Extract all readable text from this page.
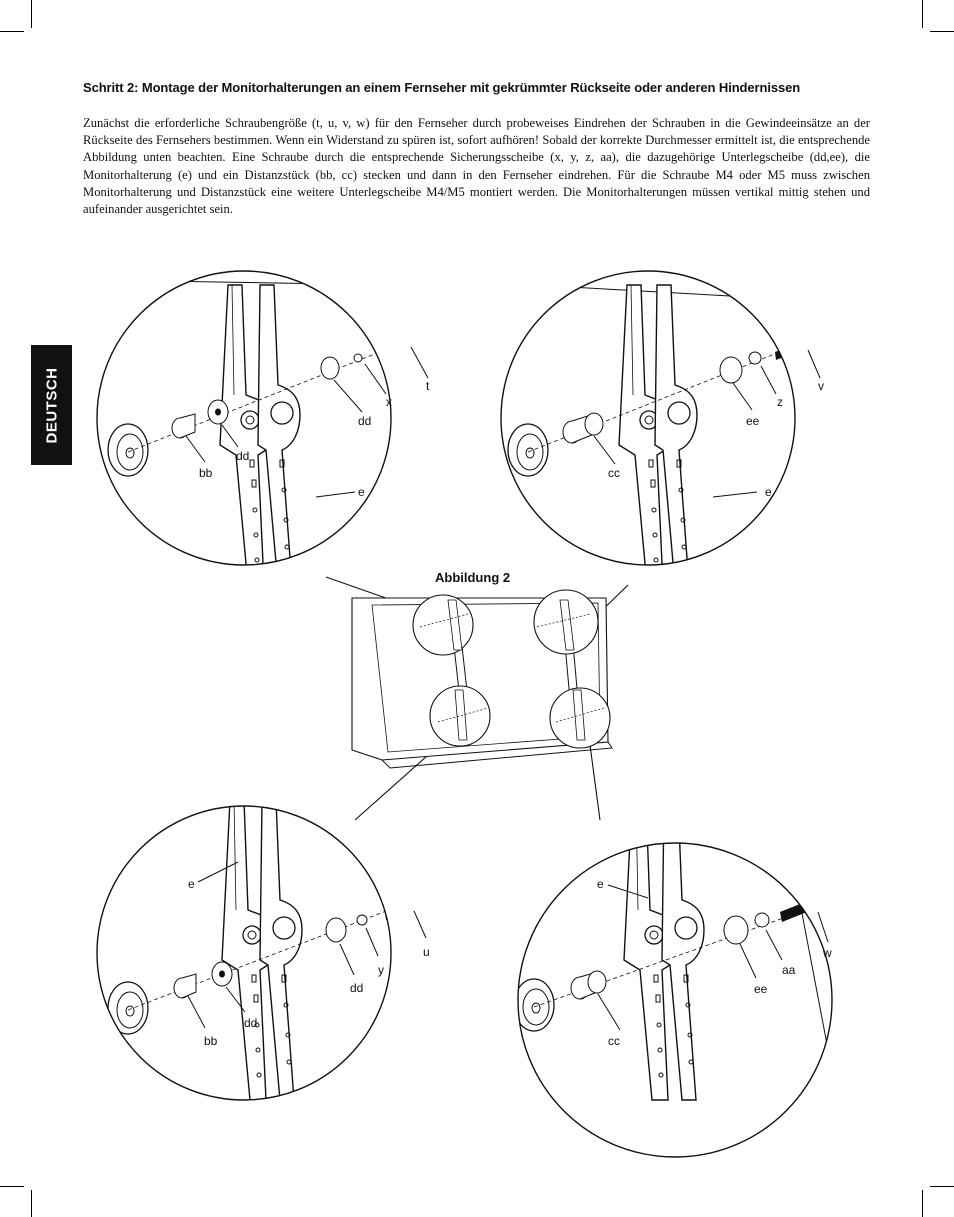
Schritt 2: Montage der Monitorhalterungen an einem Fernseher mit gekrümmter Rückseite oder anderen Hindernissen
Zunächst die erforderliche Schraubengröße (t, u, v, w) für den Fernseher durch probeweises Eindrehen der Schrauben in die Gewindeeinsätze an der Rückseite des Fernsehers bestimmen. Wenn ein Widerstand zu spüren ist, sofort aufhören! Sobald der korrekte Durchmesser ermittelt ist, die entsprechende Abbildung unten beachten. Eine Schraube durch die entsprechende Sicherungsscheibe (x, y, z, aa), die dazugehörige Unterlegscheibe (dd,ee), die Monitorhalterung (e) und ein Distanzstück (bb, cc) stecken und dann in den Fernseher eindrehen. Für die Schraube M4 oder M5 muss zwischen Monitorhalterung und Distanzstück eine weitere Unterlegscheibe M4/M5 montiert werden. Die Monitorhalterungen müssen vertikal mittig stehen und aufeinander ausgerichtet sein.
DEUTSCH	t
x
dd
dd
bb
e
v
z
ee
cc
e
Abbildung 2
e
u
y
dd
dd
bb
e
w
aa
ee
cc
